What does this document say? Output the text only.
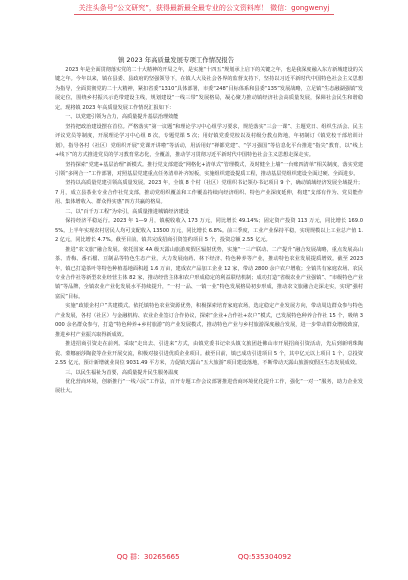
关注头条号“公文研究”，获得最新最全最专业的公文资料库！ 微信：gongwenyj
镇 2023 年高质量发展专项工作情况报告

2023 年是全面贯彻落实党的二十大精神的开局之年，是实施“十四五”规划承上启下的关键之年，也是我深度融入东方新城建设的关键之年。今年以来，镇在县委、县政府的坚强领导下，在镇人大及社会各界的监督支持下，坚持以习近平新时代中国特色社会主义思想为指导，全面贯彻党的二十大精神，紧扣省委“1310”具体部署，市委“248”目标体系和县委“135”发展战略，立足镇“生态融湖强镇”发展定位，围绕乡村振兴示范带建设主线，规划建设“一线三带”发展格局，凝心聚力推动镇经济社会高质量发展，保障社会民生和谐稳定。现将镇 2023 年高质量发展工作情况汇报如下：

一、以党建引领为合力，高质量提升基层治理效能

坚持把政治建设摆在首位。严格落实“第一议题”和理论学习中心组学习要求，规范落实“三会一课”、主题党日、组织生活会、民主评议党员等制度，开展理论学习中心组 8 次，专题党课 5 次；用好镇党委党校以及村级分教点阵地，年初制订《镇党校干部培训计划》，指导各村（社区）党组织开展“党课开讲啦”等活动，用活用好“禅都党建”、“学习强国”等信息化平台推进“指尖”教育，以“线上+线下”的方式推进党员的学习教育常态化，全覆盖，推动学习贯彻习近平新时代中国特色社会主义思想走深走实。

坚持探索“党建+基层治理”新模式。推行党支部建设“网格化+清单式”管理模式，及时健全上墙“一台账四清单”相关制度，落实党建引领“多网合一”工作部署，对照基层党建重点任务清单补齐短板，实施组织建设提质工程，推动基层党组织建设全面过硬、全面进步。

坚持以高质量党建引领高质量发展。2023 年，全镇 8 个村（社区）党组织书记领办书记项目 9 个，确动镇域经济发展全域提升；7 月，成立县茶业专业合作社党支部，推动党组织覆盖和工作覆盖持续向经济组织、特色产业深度延伸，构建“支部有作为、党员能作用、集体增收入、群众得实惠”四方共赢的格局。

二、以“百千万工程”为牵引，高质量推进城镇经济建设

保持经济平稳运行。2023 年 1—9 月，镇税收收入 173 万元，同比增长 49.14%；固定资产投资 113 万元，同比增长 169.05%。上半年实现农村居民人均可支配收入 13500 万元，同比增长 6.8%。前三季度，工业产业保持平稳，实现规模以上工业总产值 1.2 亿元，同比增长 4.7%。截至目前，镇共完成招商引资签约项目 5 个，投资总额 2.55 亿元。

推进“农文旅”融合发展。依托国家 4A 级天露山旅游度假区辐射优势，实施“一三产联动、二产提升”融合发展战略，重点发展高山茶、青梅、番石榴、豆制品等特色生态产业，大力发展南药、林下经济、特色种养等产业，推动特色农业发展提质增效。截至 2023 年，镇已打造茶叶等特色种植基地面积超 1.6 万亩，建成农产品加工企业 12 家，带动 2800 余户农户增收；全镇共有家庭农场、农民专业合作社等新型农业经营主体 82 家，推动经营主体和农户形成稳定的利益联结机制；成功打造“省级农业产业强镇”、“市级特色产业镇”等品牌，全镇农业产业化发展水平持续提升，“一村一品、一镇一业”特色发展格局初步形成，推动农文旅融合走深走实，实现“强村富民”目标。

实施“政银企村户”共建模式。依托镇特色农业资源优势，积极探索培育家庭农场，选定稳定产业发展方向，带动周边群众参与特色产业发展，各村（社区）与金融机构、农业企业签订合作协议，探索“企业+合作社+农户”模式，已发展特色种养合作社 15 个，吸纳 3000 余名群众参与，打造“特色种养+乡村旅游”的产业发展模式，推动特色产业与乡村旅游深度融合发展，进一步带动群众增收致富，推进乡村产业振兴取得新成效。

推进招商引资走在前列。采取“走出去、引进来”方式，由镇党委书记牵头镇文旅团赴佛山市开展招商引资活动，先后到新明珠陶瓷、蒙娜丽莎陶瓷等企业开展交流，积极对接引进优质企业项目。截至目前，镇已成功引进项目 5 个，其中亿元以上项目 1 个，总投资 2.55 亿元，预计新增就业岗位 9031.49 平方米，力促镇天露山“五大旅游”项目建设落地，不断带动天露山旅游度假区生态发展成效。

三、以民生福祉为首要，高质量提升民生服务温度

优化营商环境，创新推行“一线六民”工作法，百开专题工作会议部署推进营商环境优化提升工作，强化“一对一”服务，助力企业发展壮大。

QQ 群：30265665	QQ:535304092
